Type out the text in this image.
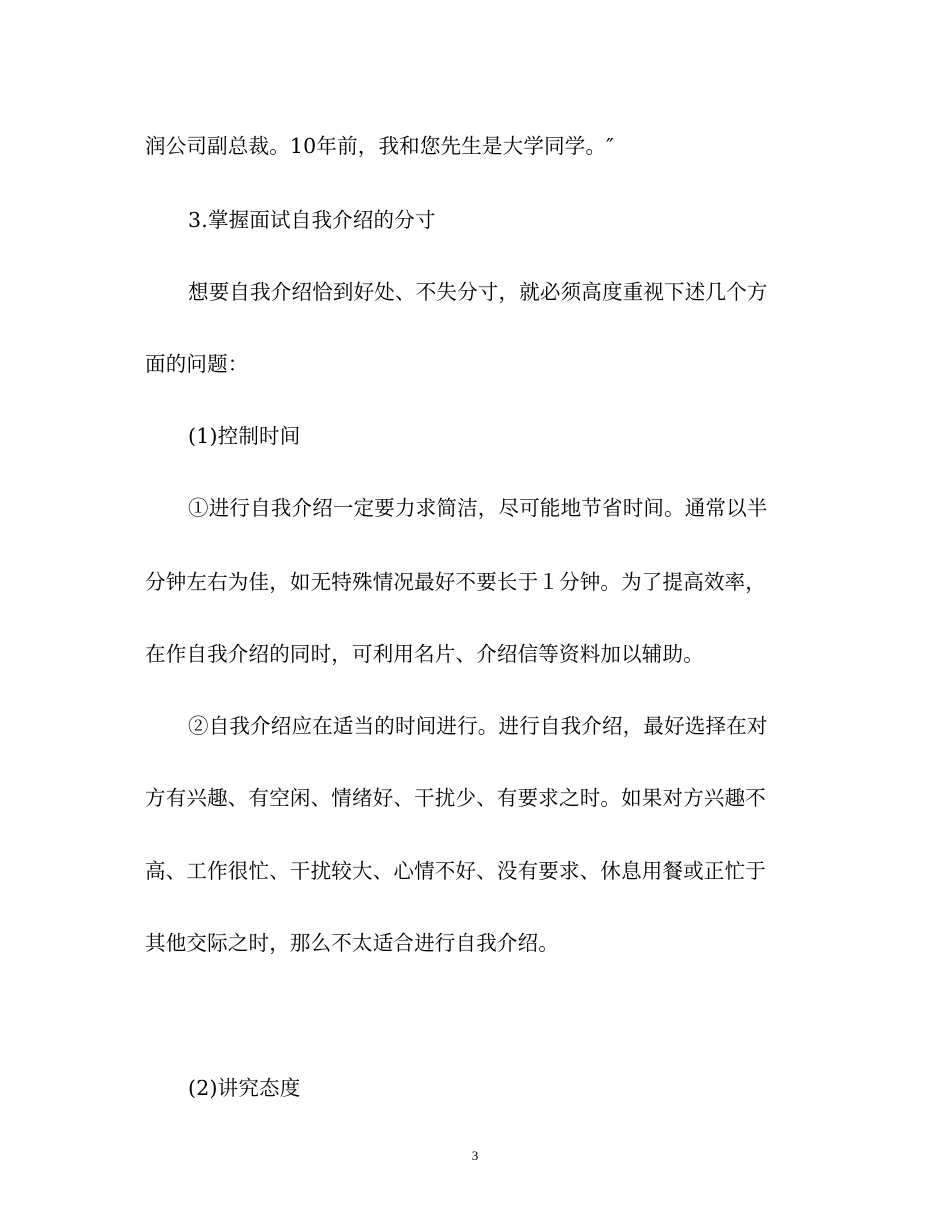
润公司副总裁。10年前，我和您先生是大学同学。″
3.掌握面试自我介绍的分寸
想要自我介绍恰到好处、不失分寸，就必须高度重视下述几个方
面的问题：
(1)控制时间
①进行自我介绍一定要力求简洁，尽可能地节省时间。通常以半
分钟左右为佳，如无特殊情况最好不要长于１分钟。为了提高效率，
在作自我介绍的同时，可利用名片、介绍信等资料加以辅助。
②自我介绍应在适当的时间进行。进行自我介绍，最好选择在对
方有兴趣、有空闲、情绪好、干扰少、有要求之时。如果对方兴趣不
高、工作很忙、干扰较大、心情不好、没有要求、休息用餐或正忙于
其他交际之时，那么不太适合进行自我介绍。
(2)讲究态度
3
